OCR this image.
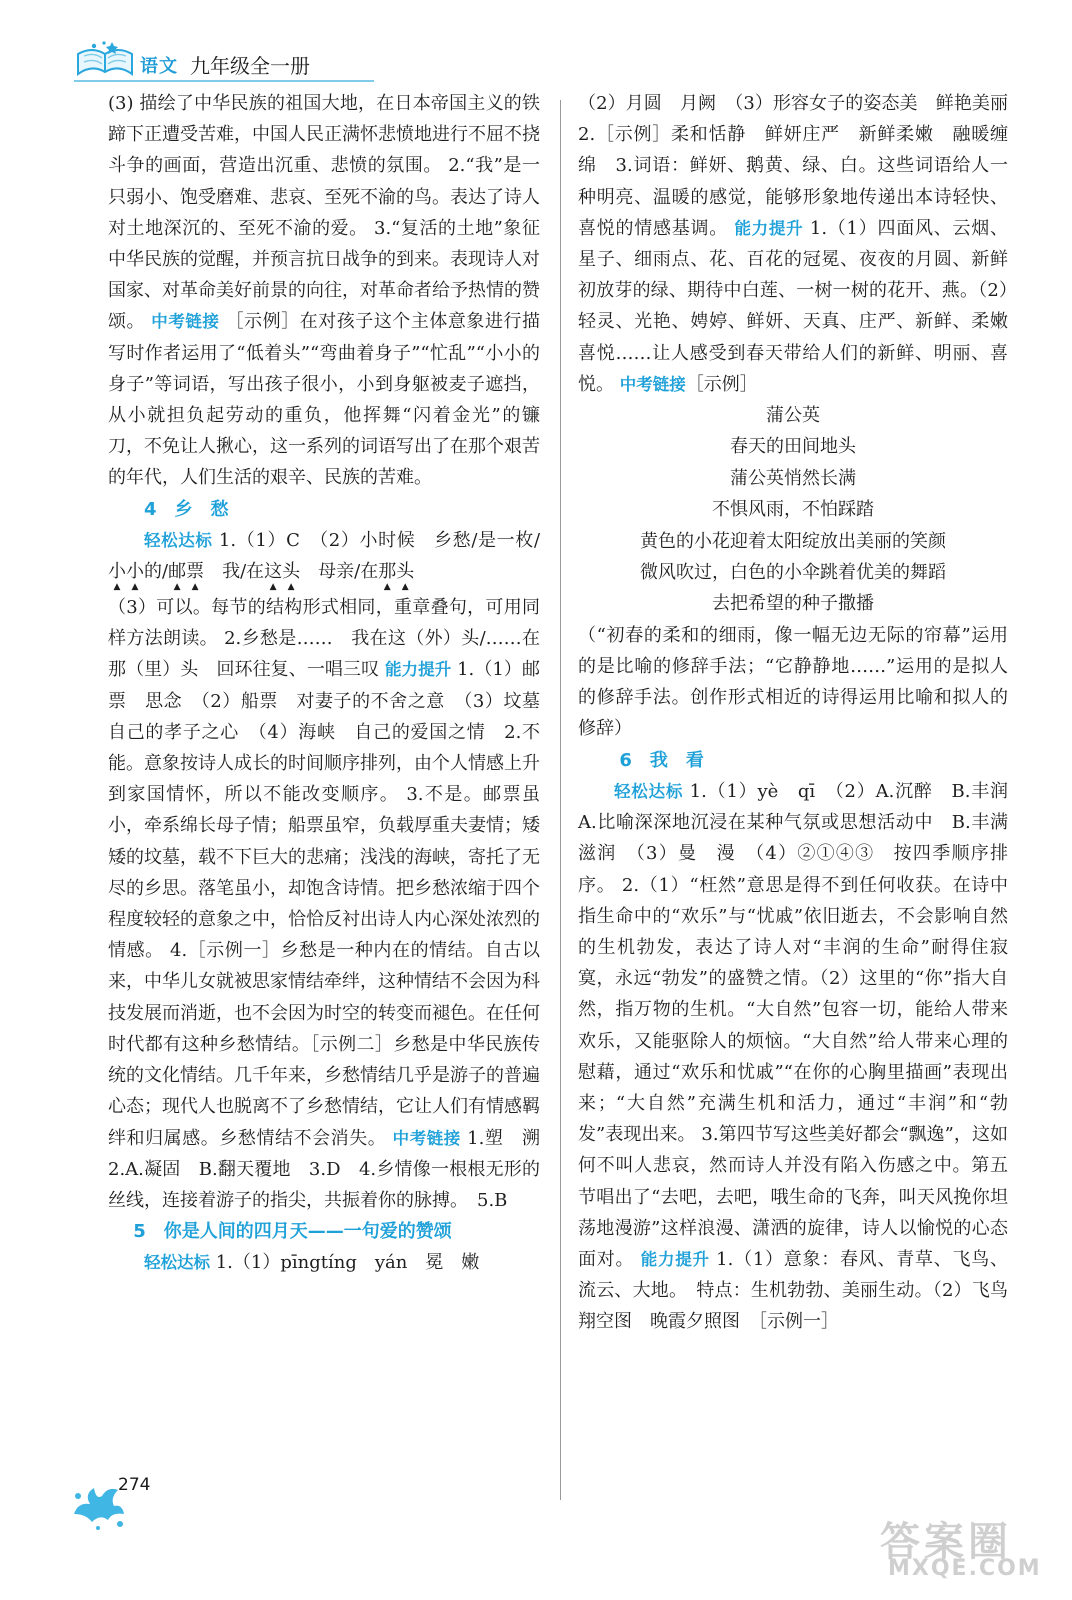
语文 九年级全一册

(3) 描绘了中华民族的祖国大地，在日本帝国主义的铁蹄下正遭受苦难，中国人民正满怀悲愤地进行不屈不挠斗争的画面，营造出沉重、悲愤的氛围。 2.“我”是一只弱小、饱受磨难、悲哀、至死不渝的鸟。表达了诗人对土地深沉的、至死不渝的爱。 3.“复活的土地”象征中华民族的觉醒，并预言抗日战争的到来。表现诗人对国家、对革命美好前景的向往，对革命者给予热情的赞颂。 中考链接 ［示例］在对孩子这个主体意象进行描写时作者运用了“低着头”“弯曲着身子”“忙乱”“小小的身子”等词语，写出孩子很小，小到身躯被麦子遮挡，从小就担负起劳动的重负，他挥舞“闪着金光”的镰刀，不免让人揪心，这一系列的词语写出了在那个艰苦的年代，人们生活的艰辛、民族的苦难。

4　乡　愁

轻松达标 1.（1）C　（2）小时候　乡愁/是一枚/小小的/邮票　我/在这头　母亲/在那头

（3）可以。每节的结构形式相同，重章叠句，可用同样方法朗读。 2.乡愁是……　我在这（外）头/……在那（里）头　回环往复、一唱三叹 能力提升 1.（1）邮票　思念　（2）船票　对妻子的不舍之意　（3）坟墓　自己的孝子之心　（4）海峡　自己的爱国之情　2.不能。意象按诗人成长的时间顺序排列，由个人情感上升到家国情怀，所以不能改变顺序。 3.不是。邮票虽小，牵系绵长母子情；船票虽窄，负载厚重夫妻情；矮矮的坟墓，载不下巨大的悲痛；浅浅的海峡，寄托了无尽的乡思。落笔虽小，却饱含诗情。把乡愁浓缩于四个程度较轻的意象之中，恰恰反衬出诗人内心深处浓烈的情感。 4.［示例一］乡愁是一种内在的情结。自古以来，中华儿女就被思家情结牵绊，这种情结不会因为科技发展而消逝，也不会因为时空的转变而褪色。在任何时代都有这种乡愁情结。［示例二］乡愁是中华民族传统的文化情结。几千年来，乡愁情结几乎是游子的普遍心态；现代人也脱离不了乡愁情结，它让人们有情感羁绊和归属感。乡愁情结不会消失。 中考链接 1.塑　溯　2.A.凝固　B.翻天覆地　3.D　4.乡情像一根根无形的丝线，连接着游子的指尖，共振着你的脉搏。　5.B

5　你是人间的四月天——一句爱的赞颂

轻松达标 1.（1）pīngtíng　yán　冕　嫩

（2）月圆　月阙　（3）形容女子的姿态美　鲜艳美丽　2.［示例］柔和恬静　鲜妍庄严　新鲜柔嫩　融暖缠绵　3.词语：鲜妍、鹅黄、绿、白。这些词语给人一种明亮、温暖的感觉，能够形象地传递出本诗轻快、喜悦的情感基调。 能力提升 1.（1）四面风、云烟、星子、细雨点、花、百花的冠冕、夜夜的月圆、新鲜初放芽的绿、期待中白莲、一树一树的花开、燕。（2）轻灵、光艳、娉婷、鲜妍、天真、庄严、新鲜、柔嫩喜悦……让人感受到春天带给人们的新鲜、明丽、喜悦。 中考链接［示例］

蒲公英

春天的田间地头

蒲公英悄然长满

不惧风雨，不怕踩踏

黄色的小花迎着太阳绽放出美丽的笑颜

微风吹过，白色的小伞跳着优美的舞蹈

去把希望的种子撒播

（“初春的柔和的细雨，像一幅无边无际的帘幕”运用的是比喻的修辞手法；“它静静地……”运用的是拟人的修辞手法。创作形式相近的诗得运用比喻和拟人的修辞）

6　我　看

轻松达标 1.（1）yè　qī　（2）A.沉醉　B.丰润　A.比喻深深地沉浸在某种气氛或思想活动中　B.丰满滋润　（3）曼　漫　（4）②①④③　按四季顺序排序。 2.（1）“枉然”意思是得不到任何收获。在诗中指生命中的“欢乐”与“忧戚”依旧逝去，不会影响自然的生机勃发，表达了诗人对“丰润的生命”耐得住寂寞，永远“勃发”的盛赞之情。（2）这里的“你”指大自然，指万物的生机。“大自然”包容一切，能给人带来欢乐，又能驱除人的烦恼。“大自然”给人带来心理的慰藉，通过“欢乐和忧戚”“在你的心胸里描画”表现出来；“大自然”充满生机和活力，通过“丰润”和“勃发”表现出来。 3.第四节写这些美好都会“飘逸”，这如何不叫人悲哀，然而诗人并没有陷入伤感之中。第五节唱出了“去吧，去吧，哦生命的飞奔，叫天风挽你坦荡地漫游”这样浪漫、潇洒的旋律，诗人以愉悦的心态面对。 能力提升 1.（1）意象：春风、青草、飞鸟、流云、大地。　特点：生机勃勃、美丽生动。（2）飞鸟翔空图　晚霞夕照图　［示例一］

274
答案圈
MXQE.COM
